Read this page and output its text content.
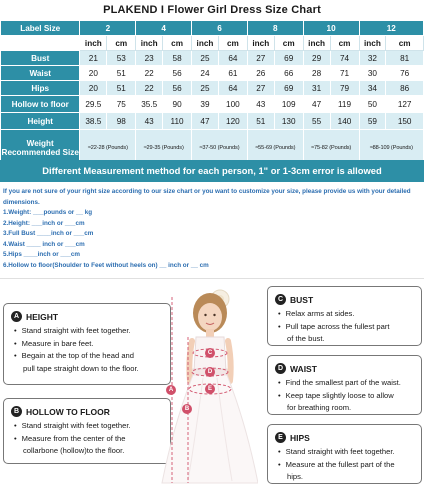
PLAKEND I Flower Girl Dress Size Chart
Label Size	2		4		6		8		10		12	
	inch	cm	inch	cm	inch	cm	inch	cm	inch	cm	inch	cm
Bust	21	53	23	58	25	64	27	69	29	74	32	81
Waist	20	51	22	56	24	61	26	66	28	71	30	76
Hips	20	51	22	56	25	64	27	69	31	79	34	86
Hollow to floor	29.5	75	35.5	90	39	100	43	109	47	119	50	127
Height	38.5	98	43	110	47	120	51	130	55	140	59	150

Weight
Recommended Size	≈22-28 (Pounds)		≈29-35 (Pounds)		≈37-50 (Pounds)		≈55-69 (Pounds)		≈75-82 (Pounds)		≈88-109 (Pounds)	
Different Measurement method for each person, 1" or 1-3cm error is allowed
If you are not sure of your right size according to our size chart or you want to customize your size, please provide us with your detailed dimensions.
1.Weight: ___pounds or __ kg
2.Height: ___inch or ___cm
3.Full Bust ____inch or ___cm
4.Waist ____ inch or ___cm
5.Hips ____inch or ___cm
6.Hollow to floor(Shoulder to Feet without heels on) __ inch or __ cm
A HEIGHT
• Stand straight with feet together.
• Measure in bare feet.
• Begain at the top of the head and
pull tape straight down to the floor.
B HOLLOW TO FLOOR
• Stand straight with feet together.
• Measure from the center of the
collarbone (hollow)to the floor.
C BUST
• Relax arms at sides.
• Pull tape across the fullest part
of the bust.
D WAIST
• Find the smallest part of the waist.
• Keep tape slightly loose to allow
for breathing room.
E HIPS
• Stand straight with feet together.
• Measure at the fullest part of the
hips.
A
B
C
D
E
